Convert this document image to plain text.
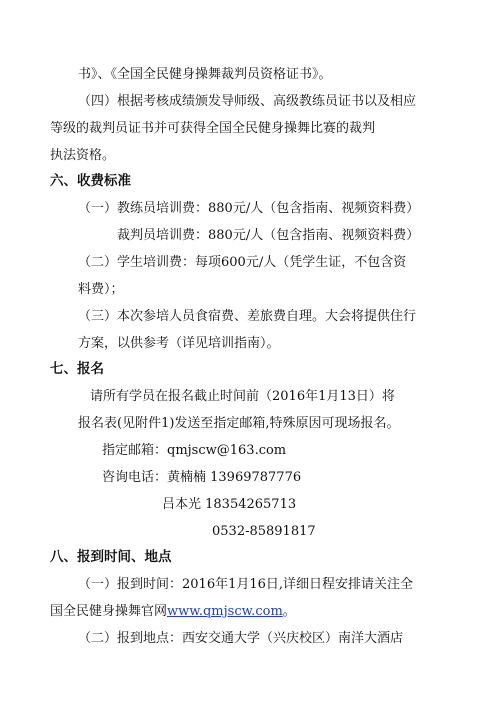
书》、《全国全民健身操舞裁判员资格证书》。
（四）根据考核成绩颁发导师级、高级教练员证书以及相应
等级的裁判员证书并可获得全国全民健身操舞比赛的裁判
执法资格。
六、收费标准
（一）教练员培训费：880元/人（包含指南、视频资料费）
裁判员培训费：880元/人（包含指南、视频资料费）
（二）学生培训费：每项600元/人（凭学生证，不包含资
料费）；
（三）本次参培人员食宿费、差旅费自理。大会将提供住行
方案，以供参考（详见培训指南）。
七、报名
请所有学员在报名截止时间前（2016年1月13日）将
报名表(见附件1)发送至指定邮箱,特殊原因可现场报名。
指定邮箱：qmjscw@163.com
咨询电话：黄楠楠 13969787776
吕本光 18354265713
0532-85891817
八、报到时间、地点
（一）报到时间：2016年1月16日,详细日程安排请关注全
国全民健身操舞官网www.qmjscw.com。
（二）报到地点：西安交通大学（兴庆校区）南洋大酒店
